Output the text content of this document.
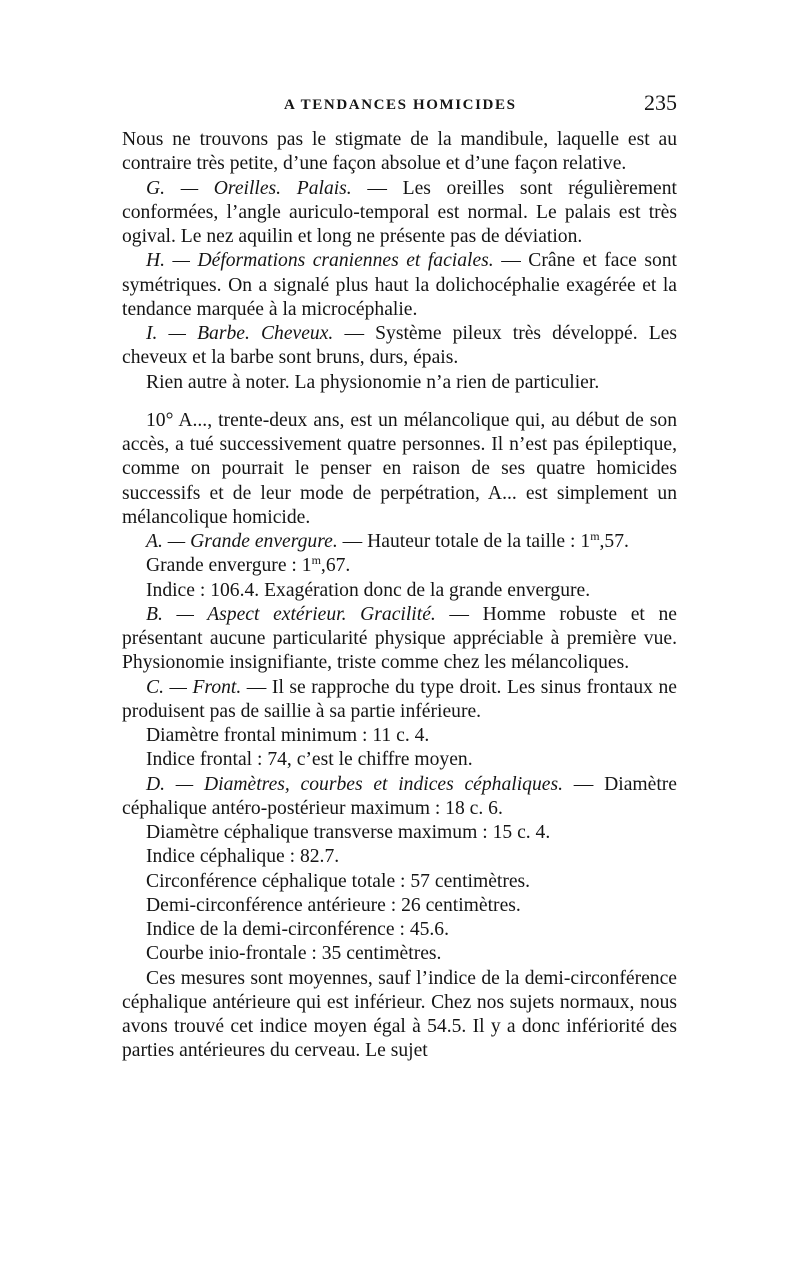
A TENDANCES HOMICIDES	235

Nous ne trouvons pas le stigmate de la mandibule, laquelle est au contraire très petite, d’une façon absolue et d’une façon relative.

G. — Oreilles. Palais. — Les oreilles sont régulièrement conformées, l’angle auriculo-temporal est normal. Le palais est très ogival. Le nez aquilin et long ne présente pas de déviation.

H. — Déformations craniennes et faciales. — Crâne et face sont symétriques. On a signalé plus haut la dolichocéphalie exagérée et la tendance marquée à la microcéphalie.

I. — Barbe. Cheveux. — Système pileux très développé. Les cheveux et la barbe sont bruns, durs, épais.

Rien autre à noter. La physionomie n’a rien de particulier.

10° A..., trente-deux ans, est un mélancolique qui, au début de son accès, a tué successivement quatre personnes. Il n’est pas épileptique, comme on pourrait le penser en raison de ses quatre homicides successifs et de leur mode de perpétration, A... est simplement un mélancolique homicide.

A. — Grande envergure. — Hauteur totale de la taille : 1$^m$,57.

Grande envergure : 1$^m$,67.

Indice : 106.4. Exagération donc de la grande envergure.

B. — Aspect extérieur. Gracilité. — Homme robuste et ne présentant aucune particularité physique appréciable à première vue. Physionomie insignifiante, triste comme chez les mélancoliques.

C. — Front. — Il se rapproche du type droit. Les sinus frontaux ne produisent pas de saillie à sa partie inférieure.

Diamètre frontal minimum : 11 c. 4.

Indice frontal : 74, c’est le chiffre moyen.

D. — Diamètres, courbes et indices céphaliques. — Diamètre céphalique antéro-postérieur maximum : 18 c. 6.

Diamètre céphalique transverse maximum : 15 c. 4.

Indice céphalique : 82.7.

Circonférence céphalique totale : 57 centimètres.

Demi-circonférence antérieure : 26 centimètres.

Indice de la demi-circonférence : 45.6.

Courbe inio-frontale : 35 centimètres.

Ces mesures sont moyennes, sauf l’indice de la demi-circonférence céphalique antérieure qui est inférieur. Chez nos sujets normaux, nous avons trouvé cet indice moyen égal à 54.5. Il y a donc infériorité des parties antérieures du cerveau. Le sujet
